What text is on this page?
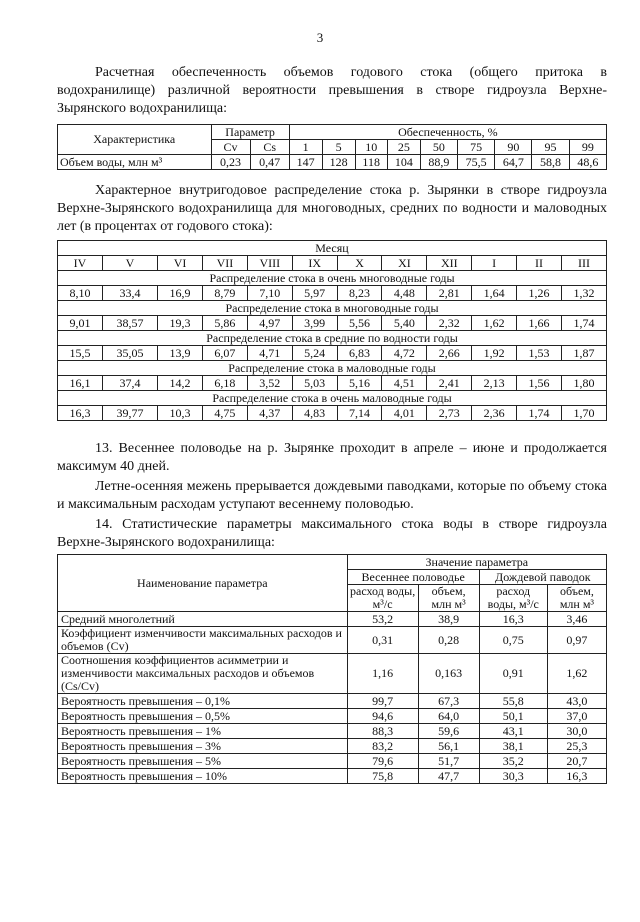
3

Расчетная обеспеченность объемов годового стока (общего притока в водохранилище) различной вероятности превышения в створе гидроузла Верхне-Зырянского водохранилища:

Характеристика	Параметр		Обеспеченность, %								
	Cv	Cs	1	5	10	25	50	75	90	95	99
Объем воды, млн м³	0,23	0,47	147	128	118	104	88,9	75,5	64,7	58,8	48,6

Характерное внутригодовое распределение стока р. Зырянки в створе гидроузла Верхне-Зырянского водохранилища для многоводных, средних по водности и маловодных лет (в процентах от годового стока):

Месяц											
IV	V	VI	VII	VIII	IX	X	XI	XII	I	II	III
Распределение стока в очень многоводные годы											
8,10	33,4	16,9	8,79	7,10	5,97	8,23	4,48	2,81	1,64	1,26	1,32
Распределение стока в многоводные годы											
9,01	38,57	19,3	5,86	4,97	3,99	5,56	5,40	2,32	1,62	1,66	1,74
Распределение стока в средние по водности годы											
15,5	35,05	13,9	6,07	4,71	5,24	6,83	4,72	2,66	1,92	1,53	1,87
Распределение стока в маловодные годы											
16,1	37,4	14,2	6,18	3,52	5,03	5,16	4,51	2,41	2,13	1,56	1,80
Распределение стока в очень маловодные годы											
16,3	39,77	10,3	4,75	4,37	4,83	7,14	4,01	2,73	2,36	1,74	1,70

13. Весеннее половодье на р. Зырянке проходит в апреле – июне и продолжается максимум 40 дней.

Летне-осенняя межень прерывается дождевыми паводками, которые по объему стока и максимальным расходам уступают весеннему половодью.

14. Статистические параметры максимального стока воды в створе гидроузла Верхне-Зырянского водохранилища:

Наименование параметра	Значение параметра			
	Весеннее половодье		Дождевой паводок	
	расход воды, м³/с	объем, млн м³	расход воды, м³/с	объем, млн м³
Средний многолетний	53,2	38,9	16,3	3,46
Коэффициент изменчивости максимальных расходов и объемов (Cv)	0,31	0,28	0,75	0,97
Соотношения коэффициентов асимметрии и изменчивости максимальных расходов и объемов (Cs/Cv)	1,16	0,163	0,91	1,62
Вероятность превышения – 0,1%	99,7	67,3	55,8	43,0
Вероятность превышения – 0,5%	94,6	64,0	50,1	37,0
Вероятность превышения – 1%	88,3	59,6	43,1	30,0
Вероятность превышения – 3%	83,2	56,1	38,1	25,3
Вероятность превышения – 5%	79,6	51,7	35,2	20,7
Вероятность превышения – 10%	75,8	47,7	30,3	16,3
